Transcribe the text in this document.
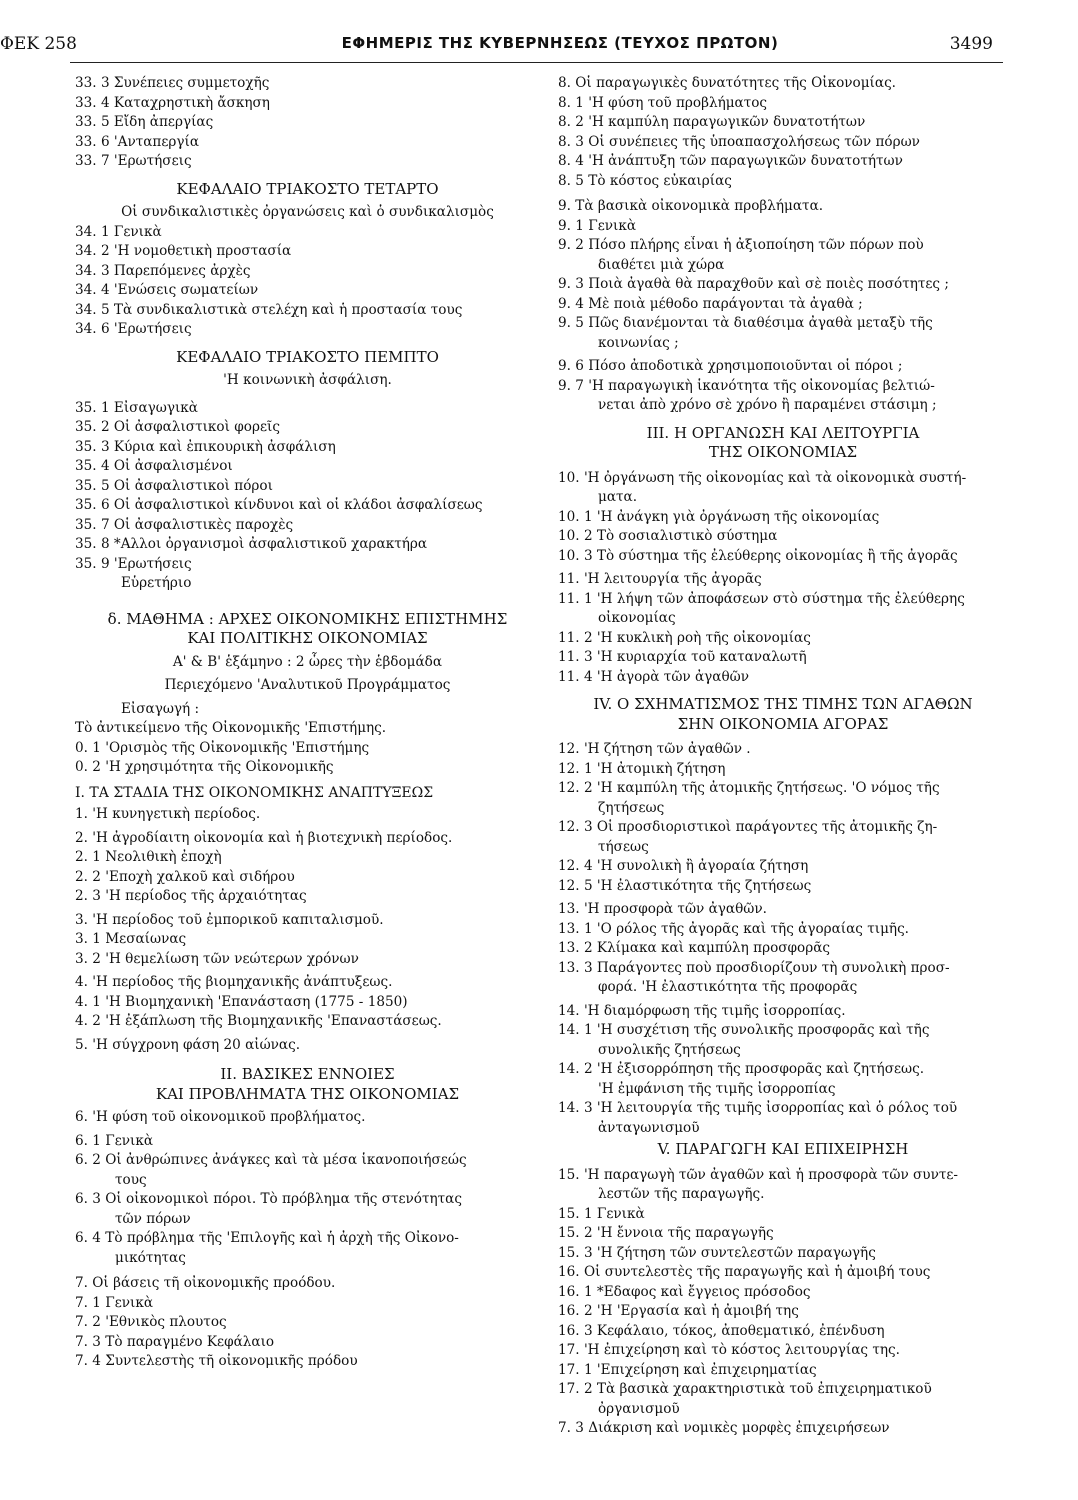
ΦΕΚ 258	ΕΦΗΜΕΡΙΣ ΤΗΣ ΚΥΒΕΡΝΗΣΕΩΣ (ΤΕΥΧΟΣ ΠΡΩΤΟΝ)	3499
33. 3 Συνέπειες συμμετοχῆς
33. 4 Καταχρηστικὴ ἄσκηση
33. 5 Εἴδη ἀπεργίας
33. 6 'Ανταπεργία
33. 7 'Ερωτήσεις
ΚΕΦΑΛΑΙΟ ΤΡΙΑΚΟΣΤΟ ΤΕΤΑΡΤΟ
Οἱ συνδικαλιστικὲς ὀργανώσεις καὶ ὁ συνδικαλισμὸς
34. 1 Γενικὰ
34. 2 'Η νομοθετικὴ προστασία
34. 3 Παρεπόμενες ἀρχὲς
34. 4 'Ενώσεις σωματείων
34. 5 Τὰ συνδικαλιστικὰ στελέχη καὶ ἡ προστασία τους
34. 6 'Ερωτήσεις
ΚΕΦΑΛΑΙΟ ΤΡΙΑΚΟΣΤΟ ΠΕΜΠΤΟ
'Η κοινωνικὴ ἀσφάλιση.
35. 1 Εἰσαγωγικὰ
35. 2 Οἱ ἀσφαλιστικοὶ φορεῖς
35. 3 Κύρια καὶ ἐπικουρικὴ ἀσφάλιση
35. 4 Οἱ ἀσφαλισμένοι
35. 5 Οἱ ἀσφαλιστικοὶ πόροι
35. 6 Οἱ ἀσφαλιστικοὶ κίνδυνοι καὶ οἱ κλάδοι ἀσφαλίσεως
35. 7 Οἱ ἀσφαλιστικὲς παροχὲς
35. 8 *Αλλοι ὀργανισμοὶ ἀσφαλιστικοῦ χαρακτήρα
35. 9 'Ερωτήσεις
Εὑρετήριο
δ. ΜΑΘΗΜΑ : ΑΡΧΕΣ ΟΙΚΟΝΟΜΙΚΗΣ ΕΠΙΣΤΗΜΗΣ
ΚΑΙ ΠΟΛΙΤΙΚΗΣ ΟΙΚΟΝΟΜΙΑΣ
Α' & Β' ἑξάμηνο : 2 ὧρες τὴν ἑβδομάδα
Περιεχόμενο 'Αναλυτικοῦ Προγράμματος
Εἰσαγωγή :
Τὸ ἀντικείμενο τῆς Οἰκονομικῆς 'Επιστήμης.
0. 1 'Ορισμὸς τῆς Οἰκονομικῆς 'Επιστήμης
0. 2 'Η χρησιμότητα τῆς Οἰκονομικῆς
Ι. ΤΑ ΣΤΑΔΙΑ ΤΗΣ ΟΙΚΟΝΟΜΙΚΗΣ ΑΝΑΠΤΥΞΕΩΣ
1. 'Η κυνηγετικὴ περίοδος.
2. 'Η ἀγροδίαιτη οἰκονομία καὶ ἡ βιοτεχνικὴ περίοδος.
2. 1 Νεολιθικὴ ἐποχὴ
2. 2 'Εποχὴ χαλκοῦ καὶ σιδήρου
2. 3 'Η περίοδος τῆς ἀρχαιότητας
3. 'Η περίοδος τοῦ ἐμπορικοῦ καπιταλισμοῦ.
3. 1 Μεσαίωνας
3. 2 'Η θεμελίωση τῶν νεώτερων χρόνων
4. 'Η περίοδος τῆς βιομηχανικῆς ἀνάπτυξεως.
4. 1 'Η Βιομηχανικὴ 'Επανάσταση (1775 - 1850)
4. 2 'Η ἐξάπλωση τῆς Βιομηχανικῆς 'Επαναστάσεως.
5. 'Η σύγχρονη φάση 20 αἰώνας.
ΙΙ. ΒΑΣΙΚΕΣ ΕΝΝΟΙΕΣ
ΚΑΙ ΠΡΟΒΛΗΜΑΤΑ ΤΗΣ ΟΙΚΟΝΟΜΙΑΣ
6. 'Η φύση τοῦ οἰκονομικοῦ προβλήματος.
6. 1 Γενικὰ
6. 2 Οἱ ἀνθρώπινες ἀνάγκες καὶ τὰ μέσα ἱκανοποιήσεώς
τους
6. 3 Οἱ οἰκονομικοὶ πόροι. Τὸ πρόβλημα τῆς στενότητας
τῶν πόρων
6. 4 Τὸ πρόβλημα τῆς 'Επιλογῆς καὶ ἡ ἀρχὴ τῆς Οἰκονο-
μικότητας
7. Οἱ βάσεις τῆ οἰκονομικῆς προόδου.
7. 1 Γενικὰ
7. 2 'Εθνικὸς πλουτος
7. 3 Τὸ παραγμένο Κεφάλαιο
7. 4 Συντελεστὴς τῆ οἰκονομικῆς πρόδου
8. Οἱ παραγωγικὲς δυνατότητες τῆς Οἰκονομίας.
8. 1 'Η φύση τοῦ προβλήματος
8. 2 'Η καμπύλη παραγωγικῶν δυνατοτήτων
8. 3 Οἱ συνέπειες τῆς ὑποαπασχολήσεως τῶν πόρων
8. 4 'Η ἀνάπτυξη τῶν παραγωγικῶν δυνατοτήτων
8. 5 Τὸ κόστος εὐκαιρίας
9. Τὰ βασικὰ οἰκονομικὰ προβλήματα.
9. 1 Γενικὰ
9. 2 Πόσο πλήρης εἶναι ἡ ἀξιοποίηση τῶν πόρων ποὺ
διαθέτει μιὰ χώρα
9. 3 Ποιὰ ἀγαθὰ θὰ παραχθοῦν καὶ σὲ ποιὲς ποσότητες ;
9. 4 Μὲ ποιὰ μέθοδο παράγονται τὰ ἀγαθὰ ;
9. 5 Πῶς διανέμονται τὰ διαθέσιμα ἀγαθὰ μεταξὺ τῆς
κοινωνίας ;
9. 6 Πόσο ἀποδοτικὰ χρησιμοποιοῦνται οἱ πόροι ;
9. 7 'Η παραγωγικὴ ἱκανότητα τῆς οἰκονομίας βελτιώ-
νεται ἀπὸ χρόνο σὲ χρόνο ἢ παραμένει στάσιμη ;
ΙΙΙ. Η ΟΡΓΑΝΩΣΗ ΚΑΙ ΛΕΙΤΟΥΡΓΙΑ
ΤΗΣ ΟΙΚΟΝΟΜΙΑΣ
10. 'Η ὀργάνωση τῆς οἰκονομίας καὶ τὰ οἰκονομικὰ συστή-
ματα.
10. 1 'Η ἀνάγκη γιὰ ὀργάνωση τῆς οἰκονομίας
10. 2 Τὸ σοσιαλιστικὸ σύστημα
10. 3 Τὸ σύστημα τῆς ἐλεύθερης οἰκονομίας ἢ τῆς ἀγορᾶς
11. 'Η λειτουργία τῆς ἀγορᾶς
11. 1 'Η λήψη τῶν ἀποφάσεων στὸ σύστημα τῆς ἐλεύθερης
οἰκονομίας
11. 2 'Η κυκλικὴ ροὴ τῆς οἰκονομίας
11. 3 'Η κυριαρχία τοῦ καταναλωτῆ
11. 4 'Η ἀγορὰ τῶν ἀγαθῶν
IV. Ο ΣΧΗΜΑΤΙΣΜΟΣ ΤΗΣ ΤΙΜΗΣ ΤΩΝ ΑΓΑΘΩΝ
ΣΗΝ ΟΙΚΟΝΟΜΙΑ ΑΓΟΡΑΣ
12. 'Η ζήτηση τῶν ἀγαθῶν .
12. 1 'Η ἀτομικὴ ζήτηση
12. 2 'Η καμπύλη τῆς ἀτομικῆς ζητήσεως. 'Ο νόμος τῆς
ζητήσεως
12. 3 Οἱ προσδιοριστικοὶ παράγοντες τῆς ἀτομικῆς ζη-
τήσεως
12. 4 'Η συνολικὴ ἢ ἀγοραία ζήτηση
12. 5 'Η ἐλαστικότητα τῆς ζητήσεως
13. 'Η προσφορὰ τῶν ἀγαθῶν.
13. 1 'Ο ρόλος τῆς ἀγορᾶς καὶ τῆς ἀγοραίας τιμῆς.
13. 2 Κλίμακα καὶ καμπύλη προσφορᾶς
13. 3 Παράγοντες ποὺ προσδιορίζουν τὴ συνολικὴ προσ-
φορά. 'Η ἐλαστικότητα τῆς προφορᾶς
14. 'Η διαμόρφωση τῆς τιμῆς ἰσορροπίας.
14. 1 'Η συσχέτιση τῆς συνολικῆς προσφορᾶς καὶ τῆς
συνολικῆς ζητήσεως
14. 2 'Η ἐξισορρόπηση τῆς προσφορᾶς καὶ ζητήσεως.
'Η ἐμφάνιση τῆς τιμῆς ἰσορροπίας
14. 3 'Η λειτουργία τῆς τιμῆς ἰσορροπίας καὶ ὁ ρόλος τοῦ
ἀνταγωνισμοῦ
V. ΠΑΡΑΓΩΓΗ ΚΑΙ ΕΠΙΧΕΙΡΗΣΗ
15. 'Η παραγωγὴ τῶν ἀγαθῶν καὶ ἡ προσφορὰ τῶν συντε-
λεστῶν τῆς παραγωγῆς.
15. 1 Γενικὰ
15. 2 'Η ἔννοια τῆς παραγωγῆς
15. 3 'Η ζήτηση τῶν συντελεστῶν παραγωγῆς
16. Οἱ συντελεστὲς τῆς παραγωγῆς καὶ ἡ ἀμοιβή τους
16. 1 *Εδαφος καὶ ἔγγειος πρόσοδος
16. 2 'Η 'Εργασία καὶ ἡ ἀμοιβή της
16. 3 Κεφάλαιο, τόκος, ἀποθεματικό, ἐπένδυση
17. 'Η ἐπιχείρηση καὶ τὸ κόστος λειτουργίας της.
17. 1 'Επιχείρηση καὶ ἐπιχειρηματίας
17. 2 Τὰ βασικὰ χαρακτηριστικὰ τοῦ ἐπιχειρηματικοῦ
ὀργανισμοῦ
7. 3 Διάκριση καὶ νομικὲς μορφὲς ἐπιχειρήσεων
